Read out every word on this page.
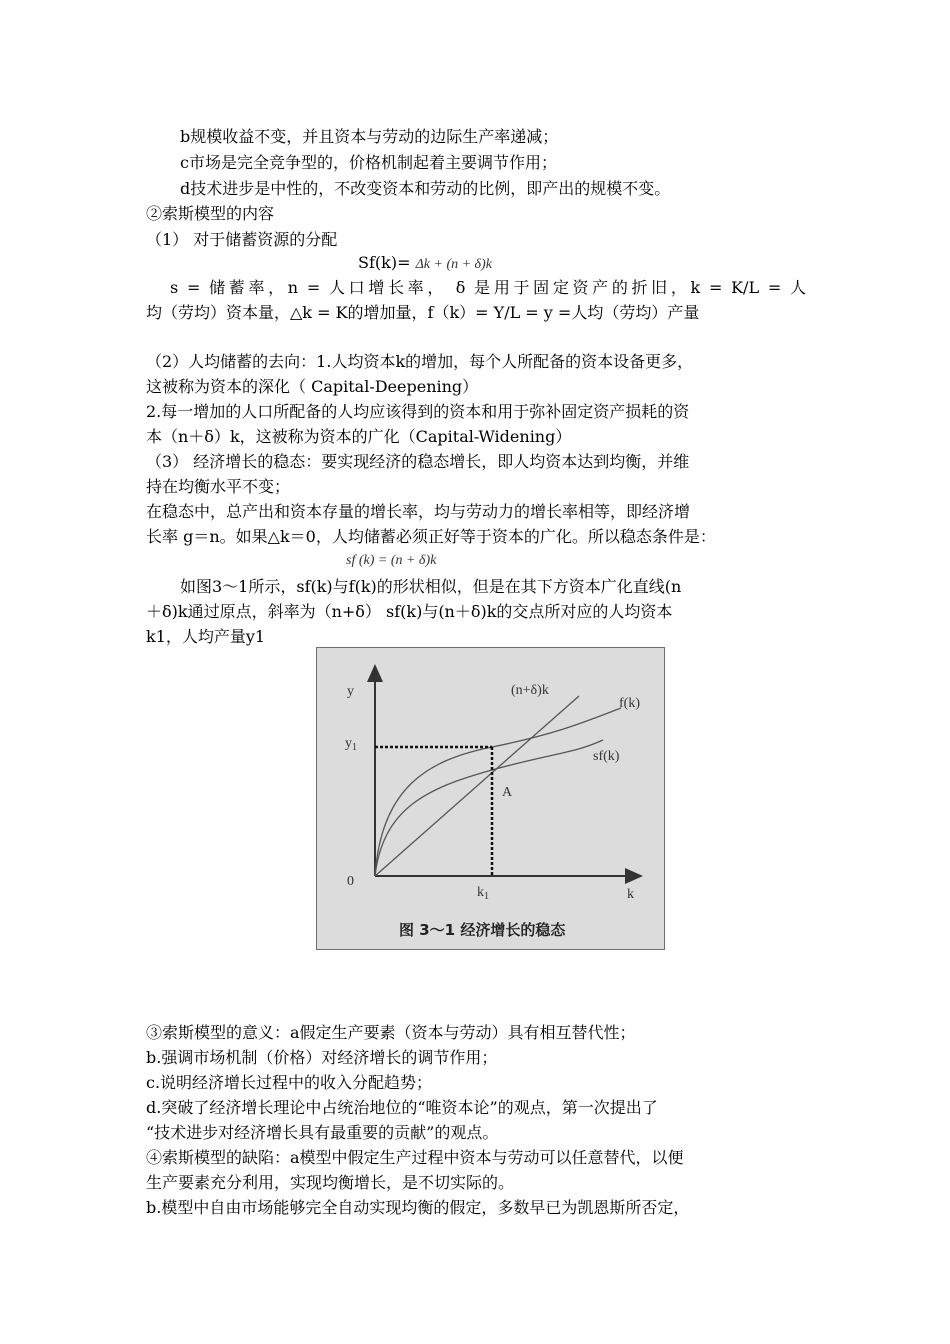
b规模收益不变，并且资本与劳动的边际生产率递减；
c市场是完全竞争型的，价格机制起着主要调节作用；
d技术进步是中性的，不改变资本和劳动的比例，即产出的规模不变。
②索斯模型的内容
（1） 对于储蓄资源的分配
Sf(k)= Δk + (n + δ)k
s = 储蓄率，n = 人口增长率， δ 是用于固定资产的折旧，k = K/L = 人
均（劳均）资本量，△k = K的增加量，f（k）= Y/L = y =人均（劳均）产量
（2）人均储蓄的去向：1.人均资本k的增加，每个人所配备的资本设备更多，
这被称为资本的深化（ Capital-Deepening）
2.每一增加的人口所配备的人均应该得到的资本和用于弥补固定资产损耗的资
本（n＋δ）k，这被称为资本的广化（Capital-Widening）
（3） 经济增长的稳态：要实现经济的稳态增长，即人均资本达到均衡，并维
持在均衡水平不变；
在稳态中，总产出和资本存量的增长率，均与劳动力的增长率相等，即经济增
长率 g＝n。如果△k＝0，人均储蓄必须正好等于资本的广化。所以稳态条件是：
sf (k) = (n + δ)k
如图3～1所示，sf(k)与f(k)的形状相似，但是在其下方资本广化直线(n
＋δ)k通过原点，斜率为（n+δ） sf(k)与(n＋δ)k的交点所对应的人均资本
k1，人均产量y1
y
$y_1$
0
$k_1$	k
A
(n+δ)k
f(k)
sf(k)
图 3～1 经济增长的稳态
③索斯模型的意义：a假定生产要素（资本与劳动）具有相互替代性；
b.强调市场机制（价格）对经济增长的调节作用；
c.说明经济增长过程中的收入分配趋势；
d.突破了经济增长理论中占统治地位的“唯资本论”的观点，第一次提出了
“技术进步对经济增长具有最重要的贡献”的观点。
④索斯模型的缺陷：a模型中假定生产过程中资本与劳动可以任意替代，以便
生产要素充分利用，实现均衡增长，是不切实际的。
b.模型中自由市场能够完全自动实现均衡的假定，多数早已为凯恩斯所否定，
